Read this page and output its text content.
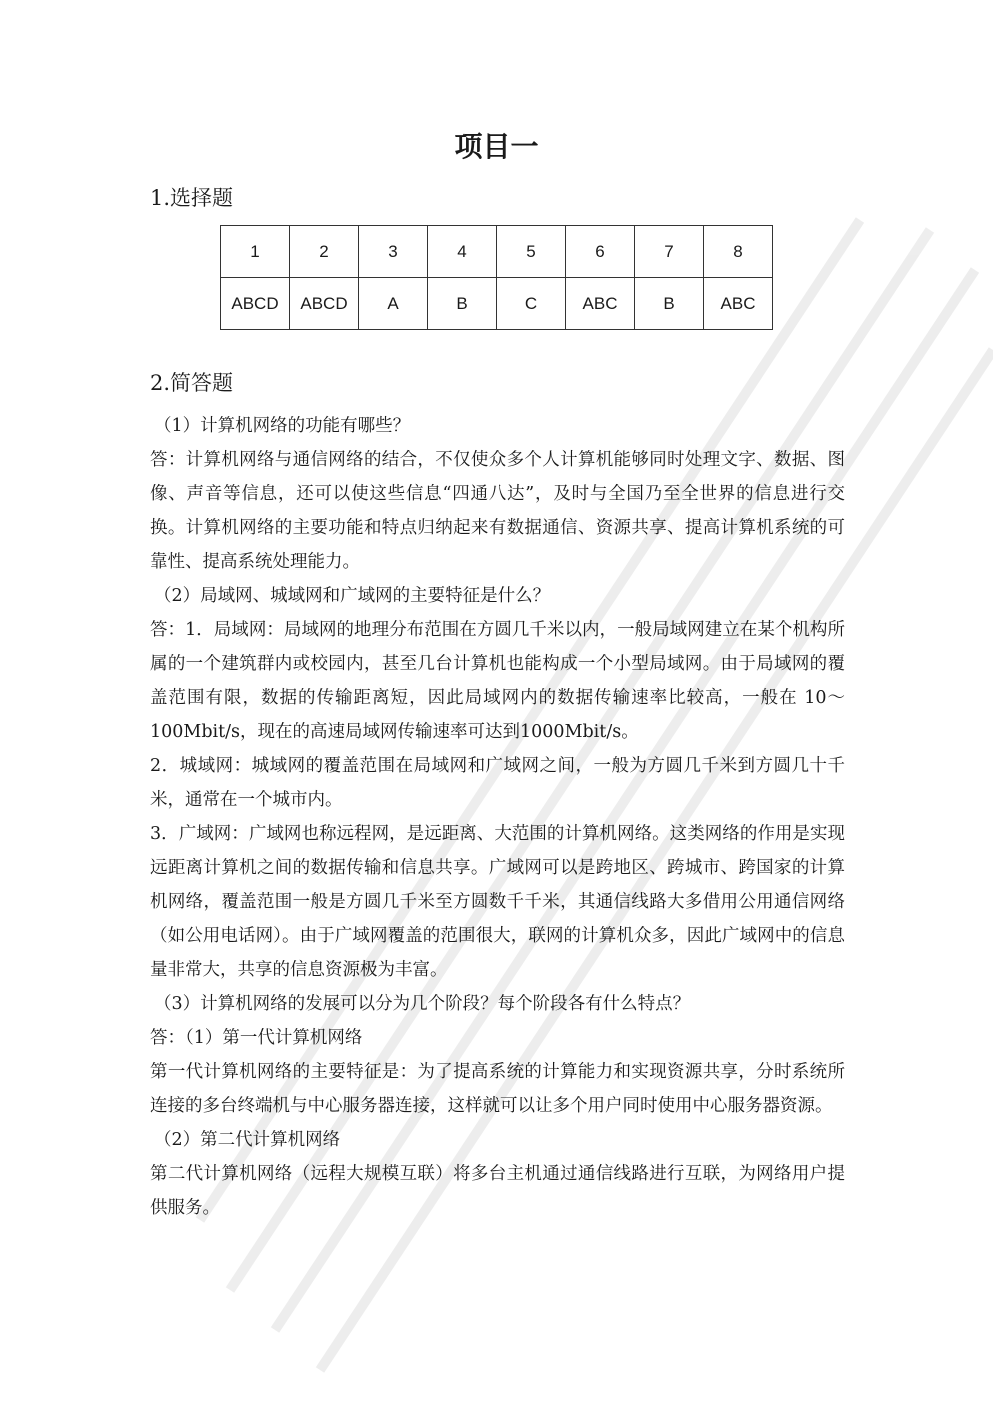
项目一
1.选择题
1	2	3	4	5	6	7	8
ABCD	ABCD	A	B	C	ABC	B	ABC
2.简答题

（1）计算机网络的功能有哪些？

答：计算机网络与通信网络的结合，不仅使众多个人计算机能够同时处理文字、数据、图像、声音等信息，还可以使这些信息“四通八达”，及时与全国乃至全世界的信息进行交换。计算机网络的主要功能和特点归纳起来有数据通信、资源共享、提高计算机系统的可靠性、提高系统处理能力。

（2）局域网、城域网和广域网的主要特征是什么？

答：1．局域网：局域网的地理分布范围在方圆几千米以内，一般局域网建立在某个机构所属的一个建筑群内或校园内，甚至几台计算机也能构成一个小型局域网。由于局域网的覆盖范围有限，数据的传输距离短，因此局域网内的数据传输速率比较高，一般在 10～100Mbit/s，现在的高速局域网传输速率可达到1000Mbit/s。

2．城域网：城域网的覆盖范围在局域网和广域网之间，一般为方圆几千米到方圆几十千米，通常在一个城市内。

3．广域网：广域网也称远程网，是远距离、大范围的计算机网络。这类网络的作用是实现远距离计算机之间的数据传输和信息共享。广域网可以是跨地区、跨城市、跨国家的计算机网络，覆盖范围一般是方圆几千米至方圆数千千米，其通信线路大多借用公用通信网络（如公用电话网）。由于广域网覆盖的范围很大，联网的计算机众多，因此广域网中的信息量非常大，共享的信息资源极为丰富。

（3）计算机网络的发展可以分为几个阶段？每个阶段各有什么特点？

答：（1）第一代计算机网络

第一代计算机网络的主要特征是：为了提高系统的计算能力和实现资源共享，分时系统所连接的多台终端机与中心服务器连接，这样就可以让多个用户同时使用中心服务器资源。

（2）第二代计算机网络

第二代计算机网络（远程大规模互联）将多台主机通过通信线路进行互联，为网络用户提供服务。
